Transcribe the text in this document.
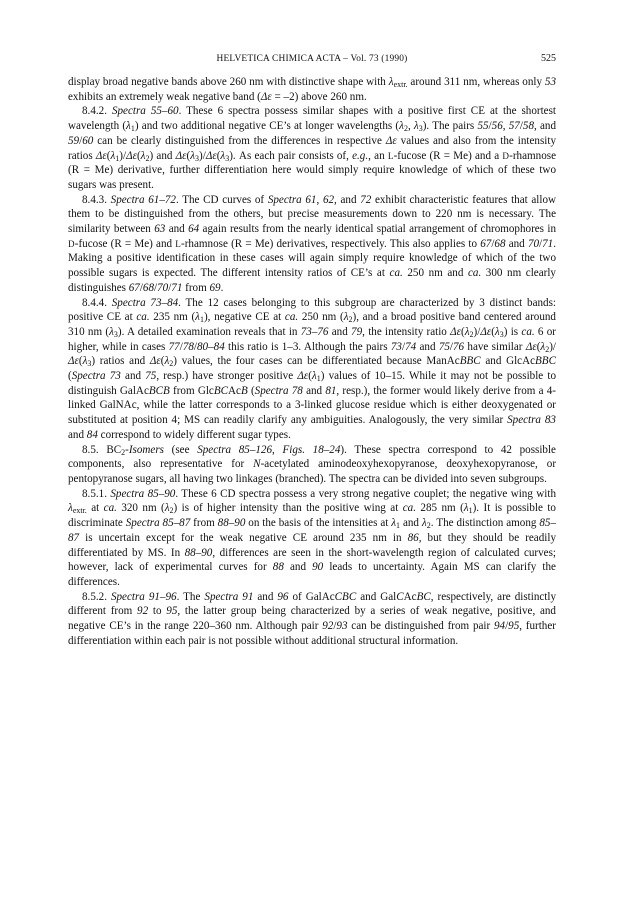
HELVETICA CHIMICA ACTA – Vol. 73 (1990)	525

display broad negative bands above 260 nm with distinctive shape with $\lambda_{extr.}$ around 311 nm, whereas only 53 exhibits an extremely weak negative band (Δε = –2) above 260 nm.

8.4.2. Spectra 55–60. These 6 spectra possess similar shapes with a positive first CE at the shortest wavelength $(\lambda_1)$ and two additional negative CE’s at longer wavelengths ($\lambda_2$, $\lambda_3$). The pairs 55/56, 57/58, and 59/60 can be clearly distinguished from the differences in respective Δε values and also from the intensity ratios $\Delta\varepsilon(\lambda_1)/\Delta\varepsilon(\lambda_2)$ and $\Delta\varepsilon(\lambda_3)/\Delta\varepsilon(\lambda_3)$. As each pair consists of, e.g., an L-fucose (R = Me) and a D-rhamnose (R = Me) derivative, further differentiation here would simply require knowledge of which of these two sugars was present.

8.4.3. Spectra 61–72. The CD curves of Spectra 61, 62, and 72 exhibit characteristic features that allow them to be distinguished from the others, but precise measurements down to 220 nm is necessary. The similarity between 63 and 64 again results from the nearly identical spatial arrangement of chromophores in D-fucose (R = Me) and L-rhamnose (R = Me) derivatives, respectively. This also applies to 67/68 and 70/71. Making a positive identification in these cases will again simply require knowledge of which of the two possible sugars is expected. The different intensity ratios of CE’s at ca. 250 nm and ca. 300 nm clearly distinguishes 67/68/70/71 from 69.

8.4.4. Spectra 73–84. The 12 cases belonging to this subgroup are characterized by 3 distinct bands: positive CE at ca. 235 nm $(\lambda_1)$, negative CE at ca. 250 nm $(\lambda_2)$, and a broad positive band centered around 310 nm $(\lambda_3)$. A detailed examination reveals that in 73–76 and 79, the intensity ratio $\Delta\varepsilon(\lambda_2)/\Delta\varepsilon(\lambda_3)$ is ca. 6 or higher, while in cases 77/78/80–84 this ratio is 1–3. Although the pairs 73/74 and 75/76 have similar $\Delta\varepsilon(\lambda_2)/\Delta\varepsilon(\lambda_3)$ ratios and $\Delta\varepsilon(\lambda_2)$ values, the four cases can be differentiated because ManAcBBC and GlcAcBBC (Spectra 73 and 75, resp.) have stronger positive $\Delta\varepsilon(\lambda_1)$ values of 10–15. While it may not be possible to distinguish GalAcBCB from GlcBCAcB (Spectra 78 and 81, resp.), the former would likely derive from a 4-linked GalNAc, while the latter corresponds to a 3-linked glucose residue which is either deoxygenated or substituted at position 4; MS can readily clarify any ambiguities. Analogously, the very similar Spectra 83 and 84 correspond to widely different sugar types.

8.5. $BC_2$-Isomers (see Spectra 85–126, Figs. 18–24). These spectra correspond to 42 possible components, also representative for N-acetylated aminodeoxyhexopyranose, deoxyhexopyranose, or pentopyranose sugars, all having two linkages (branched). The spectra can be divided into seven subgroups.

8.5.1. Spectra 85–90. These 6 CD spectra possess a very strong negative couplet; the negative wing with $\lambda_{extr.}$ at ca. 320 nm $(\lambda_2)$ is of higher intensity than the positive wing at ca. 285 nm $(\lambda_1)$. It is possible to discriminate Spectra 85–87 from 88–90 on the basis of the intensities at $\lambda_1$ and $\lambda_2$. The distinction among 85–87 is uncertain except for the weak negative CE around 235 nm in 86, but they should be readily differentiated by MS. In 88–90, differences are seen in the short-wavelength region of calculated curves; however, lack of experimental curves for 88 and 90 leads to uncertainty. Again MS can clarify the differences.

8.5.2. Spectra 91–96. The Spectra 91 and 96 of GalAcCBC and GalCAcBC, respectively, are distinctly different from 92 to 95, the latter group being characterized by a series of weak negative, positive, and negative CE’s in the range 220–360 nm. Although pair 92/93 can be distinguished from pair 94/95, further differentiation within each pair is not possible without additional structural information.
